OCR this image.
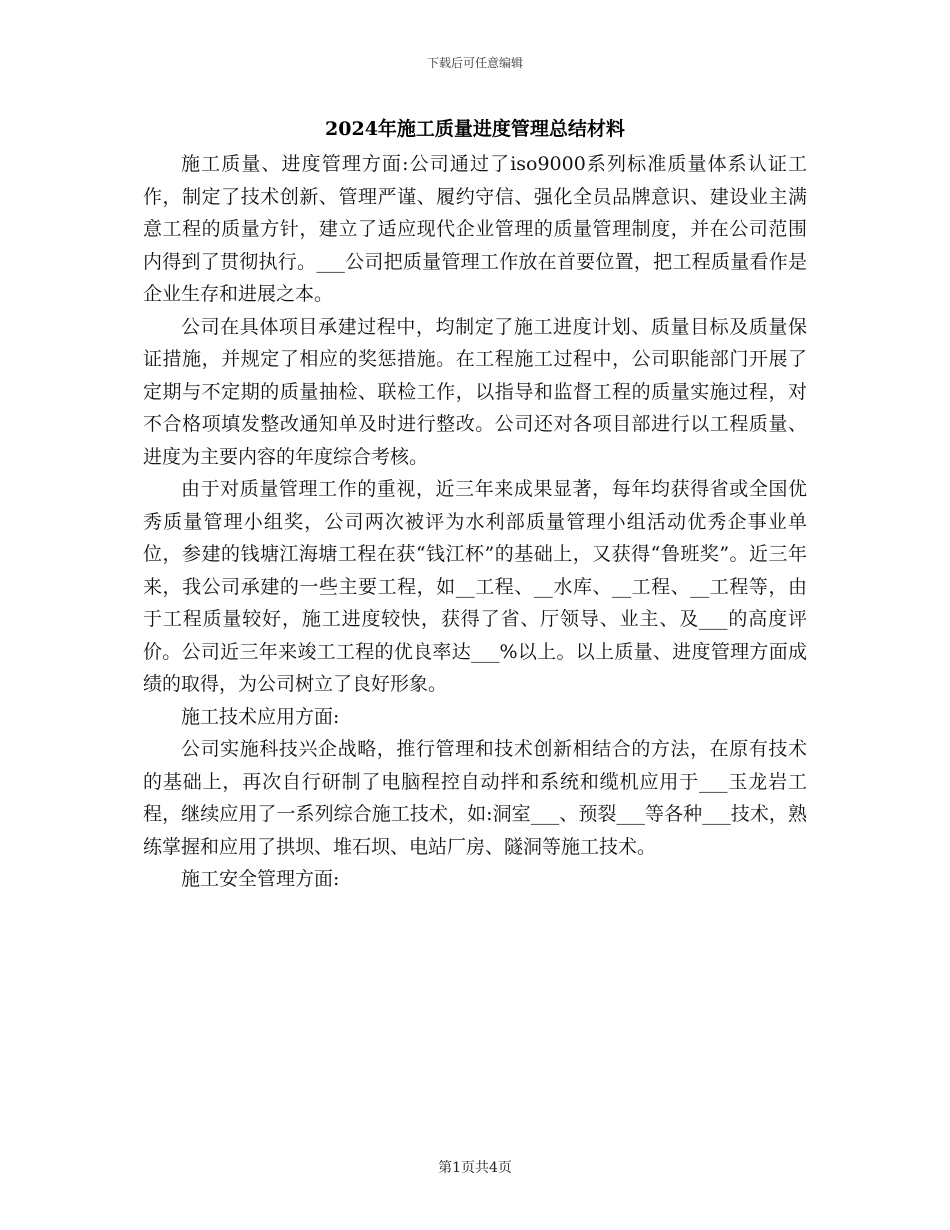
下载后可任意编辑
2024年施工质量进度管理总结材料

施工质量、进度管理方面:公司通过了iso9000系列标准质量体系认证工作，制定了技术创新、管理严谨、履约守信、强化全员品牌意识、建设业主满意工程的质量方针，建立了适应现代企业管理的质量管理制度，并在公司范围内得到了贯彻执行。___公司把质量管理工作放在首要位置，把工程质量看作是企业生存和进展之本。

公司在具体项目承建过程中，均制定了施工进度计划、质量目标及质量保证措施，并规定了相应的奖惩措施。在工程施工过程中，公司职能部门开展了定期与不定期的质量抽检、联检工作，以指导和监督工程的质量实施过程，对不合格项填发整改通知单及时进行整改。公司还对各项目部进行以工程质量、进度为主要内容的年度综合考核。

由于对质量管理工作的重视，近三年来成果显著，每年均获得省或全国优秀质量管理小组奖，公司两次被评为水利部质量管理小组活动优秀企事业单位，参建的钱塘江海塘工程在获“钱江杯”的基础上，又获得“鲁班奖”。近三年来，我公司承建的一些主要工程，如__工程、__水库、__工程、__工程等，由于工程质量较好，施工进度较快，获得了省、厅领导、业主、及___的高度评价。公司近三年来竣工工程的优良率达___%以上。以上质量、进度管理方面成绩的取得，为公司树立了良好形象。

施工技术应用方面:

公司实施科技兴企战略，推行管理和技术创新相结合的方法，在原有技术的基础上，再次自行研制了电脑程控自动拌和系统和缆机应用于___玉龙岩工程，继续应用了一系列综合施工技术，如:洞室___、预裂___等各种___技术，熟练掌握和应用了拱坝、堆石坝、电站厂房、隧洞等施工技术。

施工安全管理方面:

第1页共4页
